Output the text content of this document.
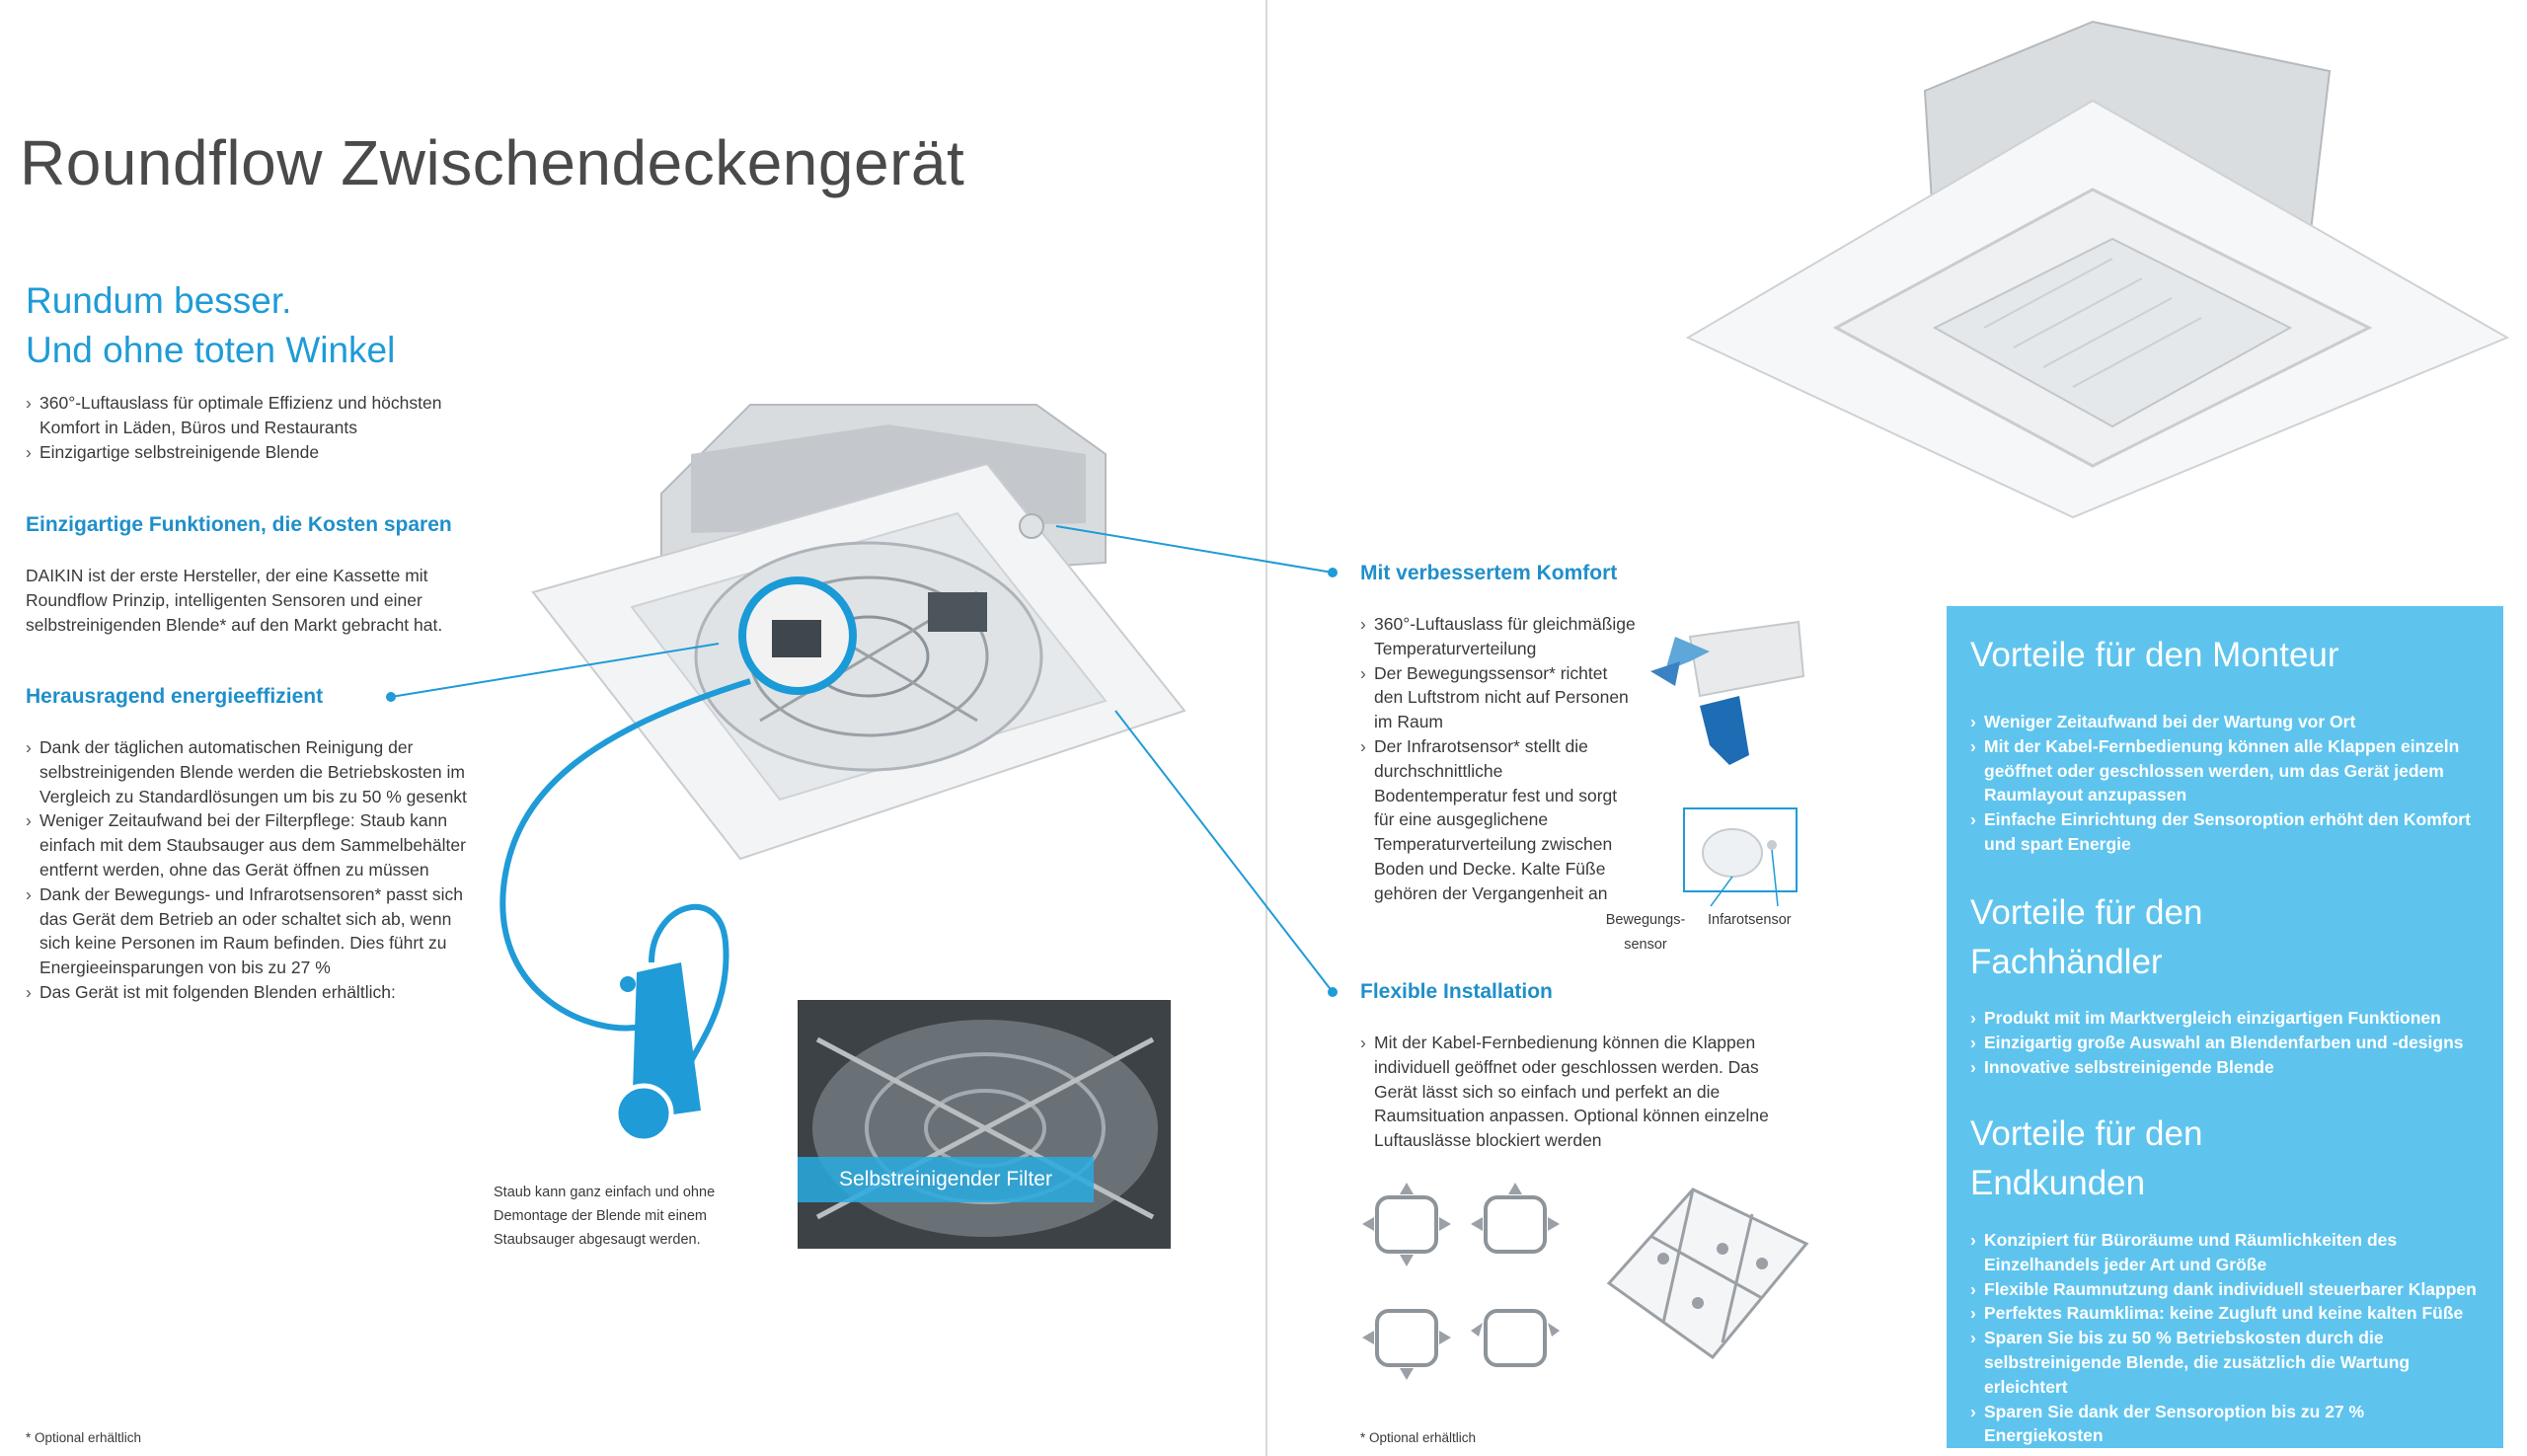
Roundflow Zwischendeckengerät
Rundum besser.
Und ohne toten Winkel
› 360°-Luftauslass für optimale Effizienz und höchsten Komfort in Läden, Büros und Restaurants
› Einzigartige selbstreinigende Blende
Einzigartige Funktionen, die Kosten sparen

DAIKIN ist der erste Hersteller, der eine Kassette mit Roundflow Prinzip, intelligenten Sensoren und einer selbstreinigenden Blende* auf den Markt gebracht hat.

Herausragend energieeffizient
› Dank der täglichen automatischen Reinigung der selbstreinigenden Blende werden die Betriebskosten im Vergleich zu Standardlösungen um bis zu 50 % gesenkt
› Weniger Zeitaufwand bei der Filterpflege: Staub kann einfach mit dem Staubsauger aus dem Sammelbehälter entfernt werden, ohne das Gerät öffnen zu müssen
› Dank der Bewegungs- und Infrarotsensoren* passt sich das Gerät dem Betrieb an oder schaltet sich ab, wenn sich keine Personen im Raum befinden. Dies führt zu Energieeinsparungen von bis zu 27 %
› Das Gerät ist mit folgenden Blenden erhältlich:
Staub kann ganz einfach und ohne Demontage der Blende mit einem Staubsauger abgesaugt werden.
Selbstreinigender Filter
* Optional erhältlich
Mit verbessertem Komfort
› 360°-Luftauslass für gleichmäßige Temperaturverteilung
› Der Bewegungssensor* richtet den Luftstrom nicht auf Personen im Raum
› Der Infrarotsensor* stellt die durchschnittliche Bodentemperatur fest und sorgt für eine ausgeglichene Temperaturverteilung zwischen Boden und Decke. Kalte Füße gehören der Vergangenheit an
Bewegungs-sensor
Infarotsensor
Flexible Installation
› Mit der Kabel-Fernbedienung können die Klappen individuell geöffnet oder geschlossen werden. Das Gerät lässt sich so einfach und perfekt an die Raumsituation anpassen. Optional können einzelne Luftauslässe blockiert werden
* Optional erhältlich
Vorteile für den Monteur
› Weniger Zeitaufwand bei der Wartung vor Ort
› Mit der Kabel-Fernbedienung können alle Klappen einzeln geöffnet oder geschlossen werden, um das Gerät jedem Raumlayout anzupassen
› Einfache Einrichtung der Sensoroption erhöht den Komfort und spart Energie
Vorteile für den Fachhändler
› Produkt mit im Marktvergleich einzigartigen Funktionen
› Einzigartig große Auswahl an Blendenfarben und -designs
› Innovative selbstreinigende Blende
Vorteile für den Endkunden
› Konzipiert für Büroräume und Räumlichkeiten des Einzelhandels jeder Art und Größe
› Flexible Raumnutzung dank individuell steuerbarer Klappen
› Perfektes Raumklima: keine Zugluft und keine kalten Füße
› Sparen Sie bis zu 50 % Betriebskosten durch die selbstreinigende Blende, die zusätzlich die Wartung erleichtert
› Sparen Sie dank der Sensoroption bis zu 27 % Energiekosten
